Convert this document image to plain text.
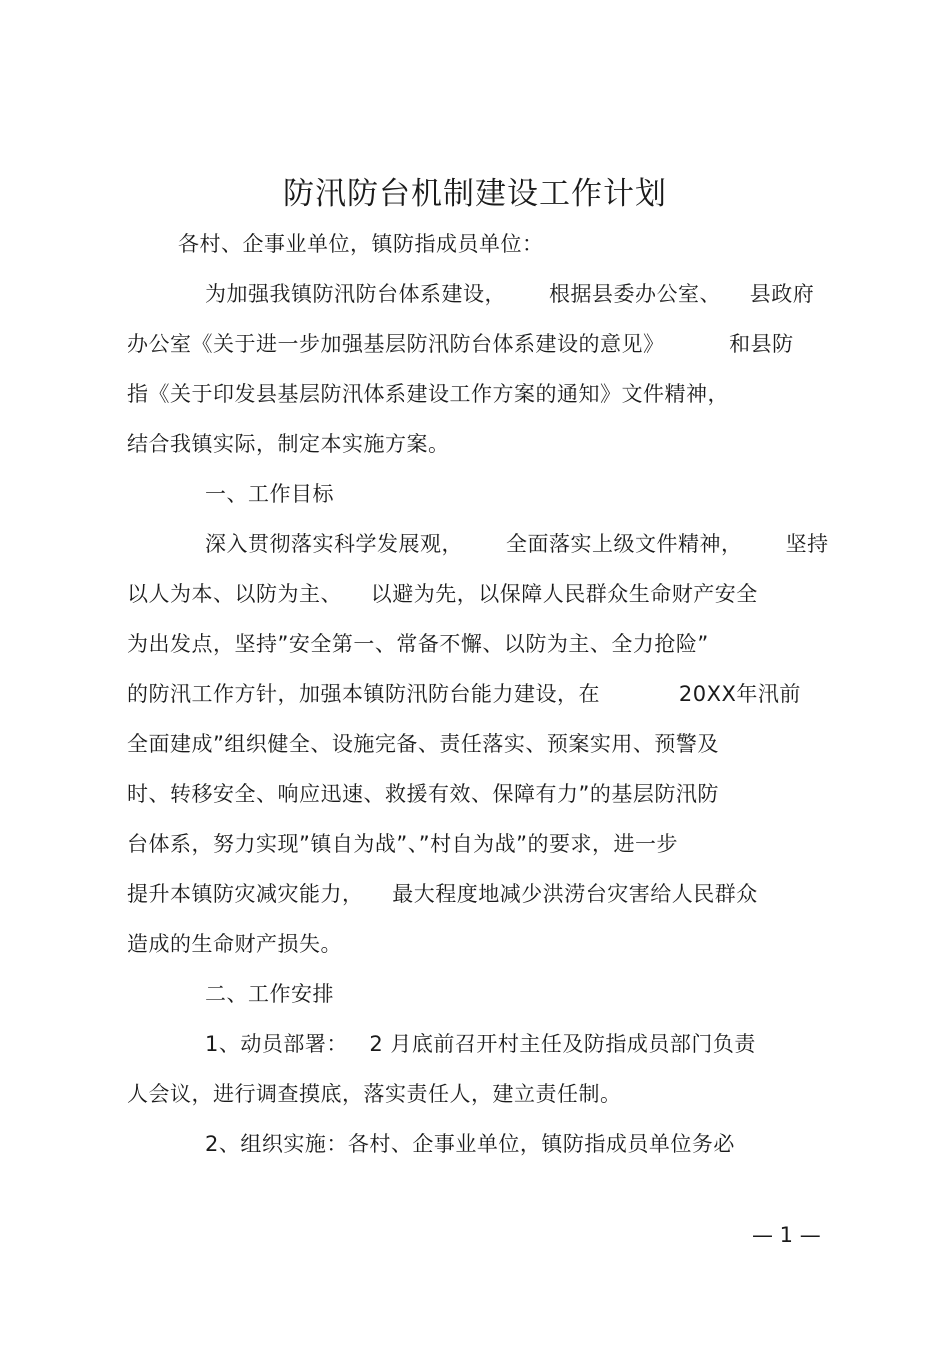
防汛防台机制建设工作计划
各村、企事业单位，镇防指成员单位：
为加强我镇防汛防台体系建设，      根据县委办公室、    县政府
办公室《关于进一步加强基层防汛防台体系建设的意见》         和县防
指《关于印发县基层防汛体系建设工作方案的通知》文件精神，
结合我镇实际，制定本实施方案。
一、工作目标
深入贯彻落实科学发展观，      全面落实上级文件精神，      坚持
以人为本、以防为主、    以避为先，以保障人民群众生命财产安全
为出发点，坚持”安全第一、常备不懈、以防为主、全力抢险”
的防汛工作方针，加强本镇防汛防台能力建设，在           20XX年汛前
全面建成”组织健全、设施完备、责任落实、预案实用、预警及
时、转移安全、响应迅速、救援有效、保障有力”的基层防汛防
台体系，努力实现”镇自为战”、”村自为战”的要求，进一步
提升本镇防灾减灾能力，    最大程度地减少洪涝台灾害给人民群众
造成的生命财产损失。
二、工作安排
1、动员部署：   2 月底前召开村主任及防指成员部门负责
人会议，进行调查摸底，落实责任人，建立责任制。
2、组织实施：各村、企事业单位，镇防指成员单位务必
— 1 —
